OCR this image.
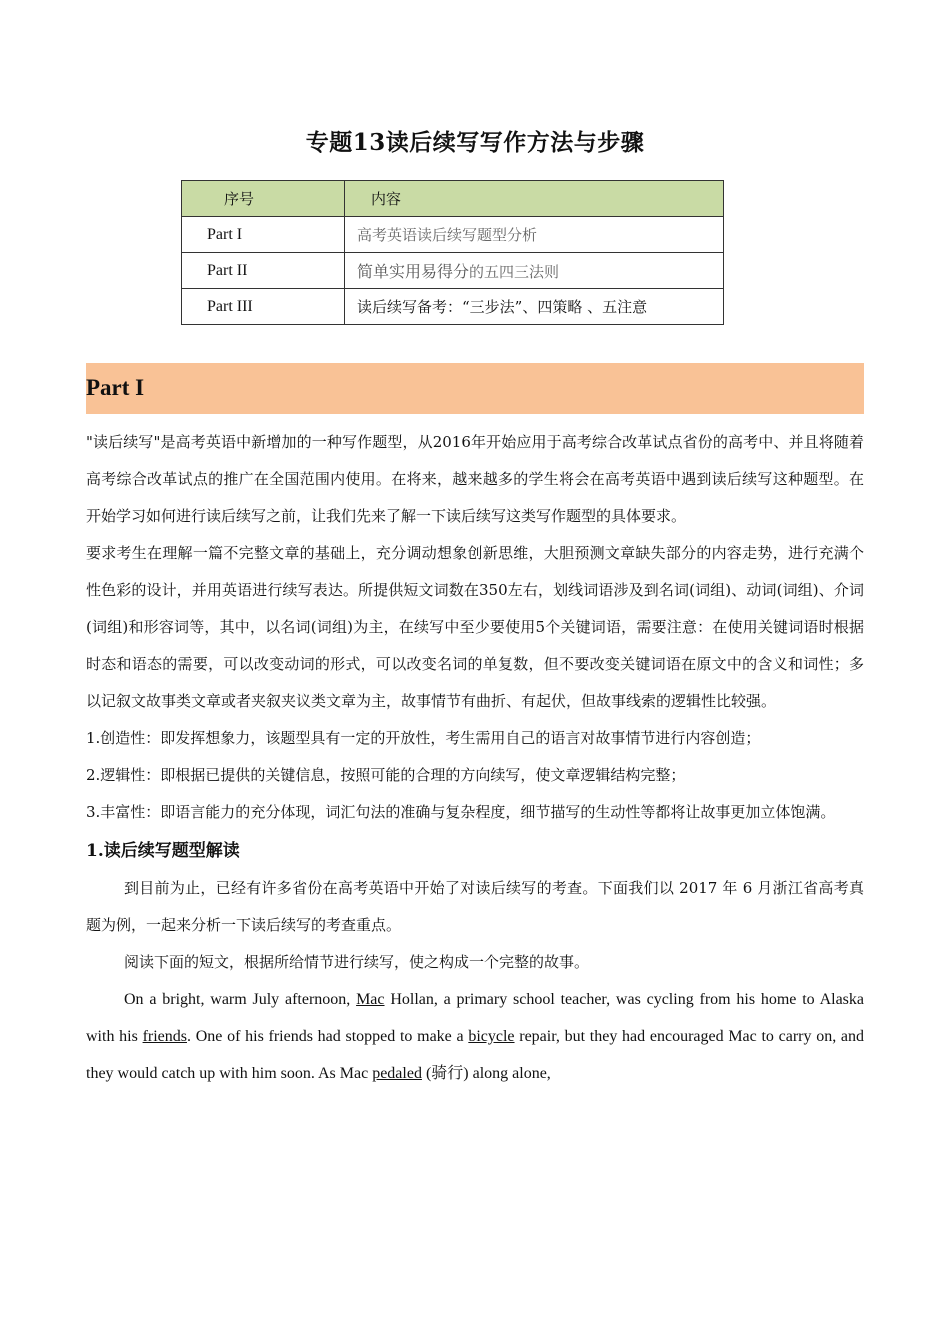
专题13读后续写写作方法与步骤
序号	内容
Part I	高考英语读后续写题型分析
Part II	简单实用易得分的五四三法则
Part III	读后续写备考：“三步法”、四策略 、五注意
Part I

"读后续写"是高考英语中新增加的一种写作题型，从2016年开始应用于高考综合改革试点省份的高考中、并且将随着高考综合改革试点的推广在全国范围内使用。在将来，越来越多的学生将会在高考英语中遇到读后续写这种题型。在开始学习如何进行读后续写之前，让我们先来了解一下读后续写这类写作题型的具体要求。

要求考生在理解一篇不完整文章的基础上，充分调动想象创新思维，大胆预测文章缺失部分的内容走势，进行充满个性色彩的设计，并用英语进行续写表达。所提供短文词数在350左右，划线词语涉及到名词(词组)、动词(词组)、介词(词组)和形容词等，其中，以名词(词组)为主，在续写中至少要使用5个关键词语，需要注意：在使用关键词语时根据时态和语态的需要，可以改变动词的形式，可以改变名词的单复数，但不要改变关键词语在原文中的含义和词性；多以记叙文故事类文章或者夹叙夹议类文章为主，故事情节有曲折、有起伏，但故事线索的逻辑性比较强。

1.创造性：即发挥想象力，该题型具有一定的开放性，考生需用自己的语言对故事情节进行内容创造；

2.逻辑性：即根据已提供的关键信息，按照可能的合理的方向续写，使文章逻辑结构完整；

3.丰富性：即语言能力的充分体现，词汇句法的准确与复杂程度，细节描写的生动性等都将让故事更加立体饱满。

1.读后续写题型解读

到目前为止，已经有许多省份在高考英语中开始了对读后续写的考查。下面我们以 2017 年 6 月浙江省高考真题为例，一起来分析一下读后续写的考查重点。

阅读下面的短文，根据所给情节进行续写，使之构成一个完整的故事。

On a bright, warm July afternoon, Mac Hollan, a primary school teacher, was cycling from his home to Alaska with his friends. One of his friends had stopped to make a bicycle repair, but they had encouraged Mac to carry on, and they would catch up with him soon. As Mac pedaled (骑行) along alone,
